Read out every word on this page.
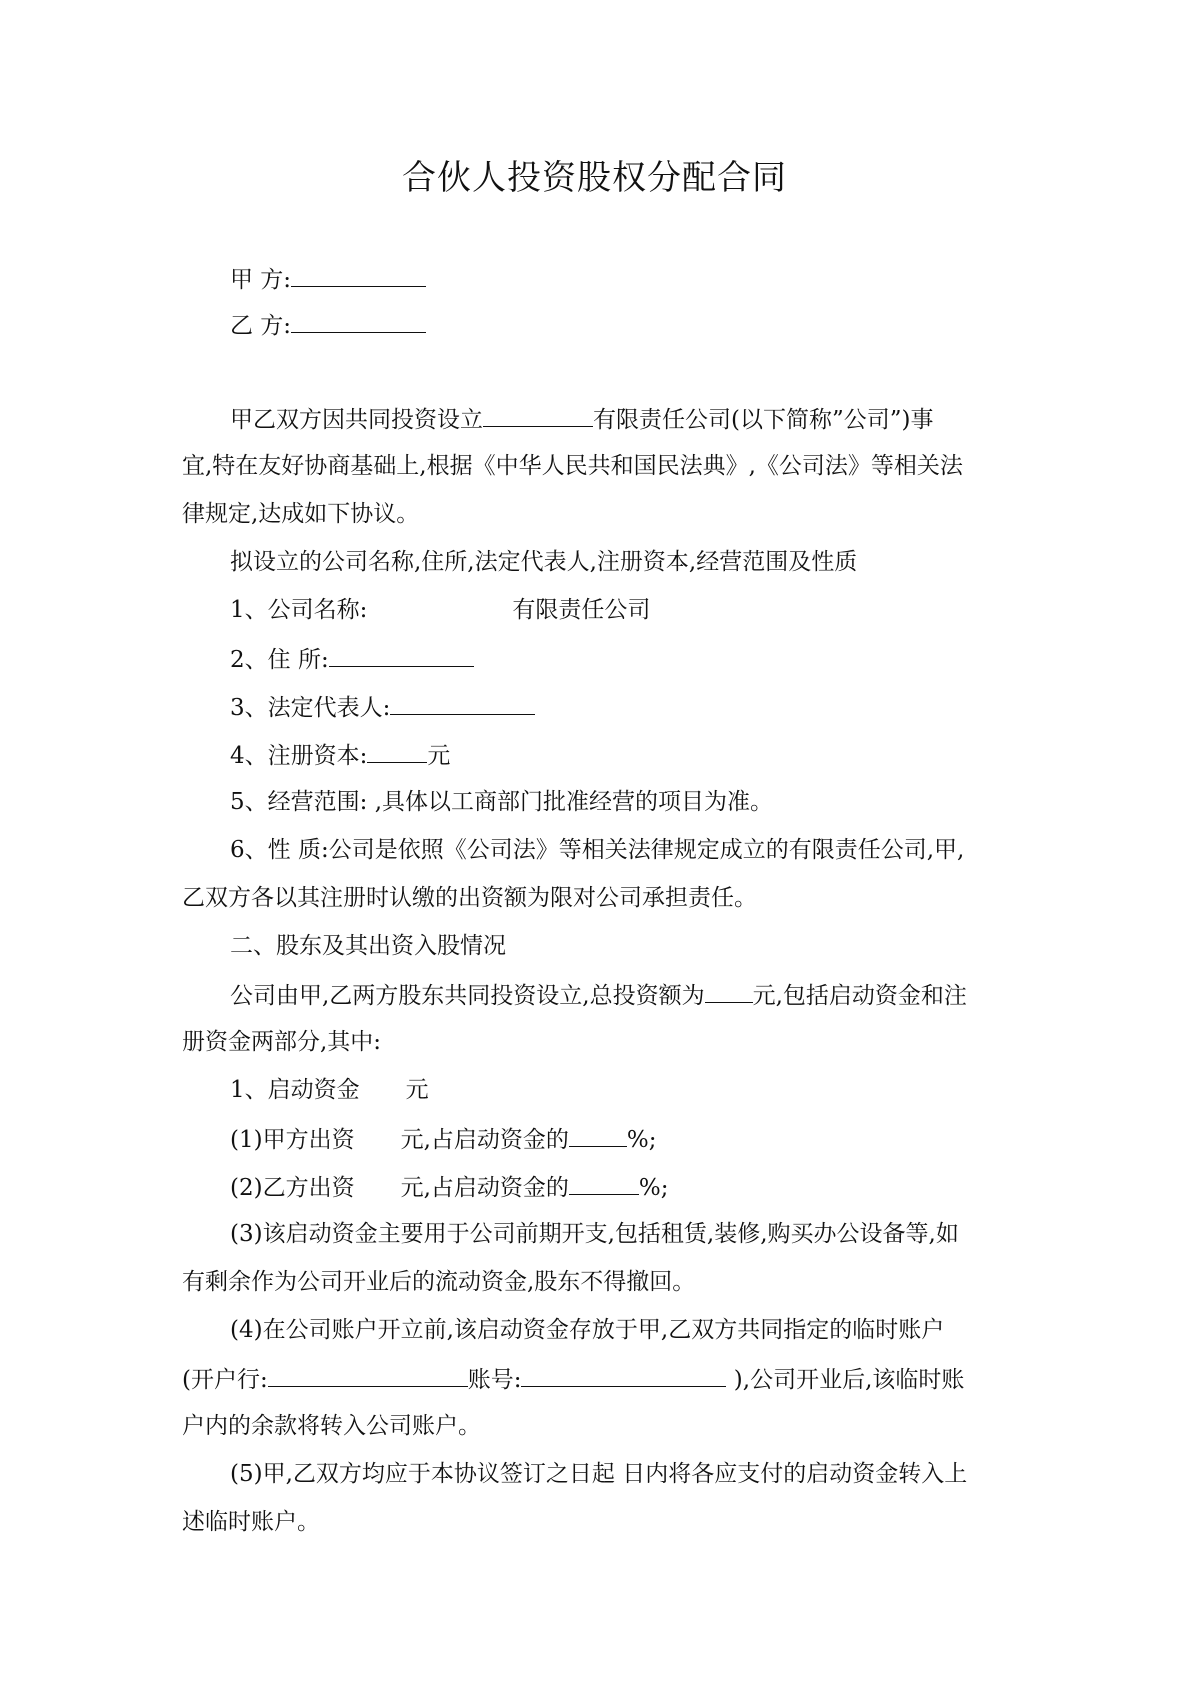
合伙人投资股权分配合同
甲 方:
乙 方:
甲乙双方因共同投资设立	有限责任公司(以下简称”公司”)事
宜,特在友好协商基础上,根据《中华人民共和国民法典》,《公司法》等相关法
律规定,达成如下协议。
拟设立的公司名称,住所,法定代表人,注册资本,经营范围及性质
1、公司名称:	有限责任公司
2、住 所:
3、法定代表人:
4、注册资本:	元
5、经营范围: ,具体以工商部门批准经营的项目为准。
6、性 质:公司是依照《公司法》等相关法律规定成立的有限责任公司,甲,
乙双方各以其注册时认缴的出资额为限对公司承担责任。
二、股东及其出资入股情况
公司由甲,乙两方股东共同投资设立,总投资额为 元,包括启动资金和注
册资金两部分,其中:
1、启动资金 元
(1)甲方出资 元,占启动资金的	%;
(2)乙方出资 元,占启动资金的	%;
(3)该启动资金主要用于公司前期开支,包括租赁,装修,购买办公设备等,如
有剩余作为公司开业后的流动资金,股东不得撤回。
(4)在公司账户开立前,该启动资金存放于甲,乙双方共同指定的临时账户
(开户行:	账号:	),公司开业后,该临时账
户内的余款将转入公司账户。
(5)甲,乙双方均应于本协议签订之日起 日内将各应支付的启动资金转入上
述临时账户。
